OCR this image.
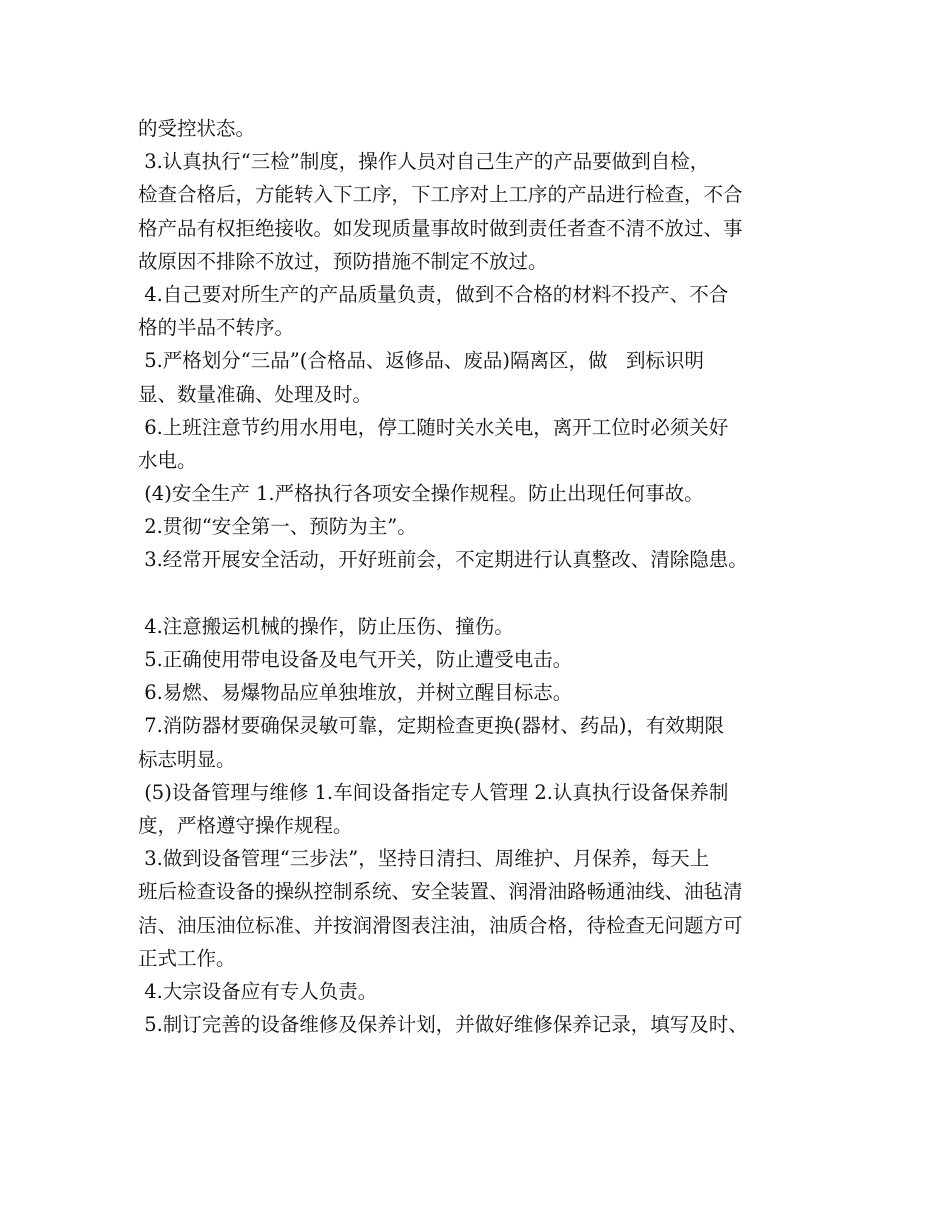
的受控状态。
3.认真执行“三检”制度，操作人员对自己生产的产品要做到自检，
检查合格后，方能转入下工序，下工序对上工序的产品进行检查，不合
格产品有权拒绝接收。如发现质量事故时做到责任者查不清不放过、事
故原因不排除不放过，预防措施不制定不放过。
4.自己要对所生产的产品质量负责，做到不合格的材料不投产、不合
格的半品不转序。
5.严格划分“三品”(合格品、返修品、废品)隔离区，做   到标识明
显、数量准确、处理及时。
6.上班注意节约用水用电，停工随时关水关电，离开工位时必须关好
水电。
(4)安全生产 1.严格执行各项安全操作规程。防止出现任何事故。
2.贯彻“安全第一、预防为主”。
3.经常开展安全活动，开好班前会，不定期进行认真整改、清除隐患。
4.注意搬运机械的操作，防止压伤、撞伤。
5.正确使用带电设备及电气开关，防止遭受电击。
6.易燃、易爆物品应单独堆放，并树立醒目标志。
7.消防器材要确保灵敏可靠，定期检查更换(器材、药品)，有效期限
标志明显。
(5)设备管理与维修 1.车间设备指定专人管理 2.认真执行设备保养制
度，严格遵守操作规程。
3.做到设备管理“三步法”，坚持日清扫、周维护、月保养，每天上
班后检查设备的操纵控制系统、安全装置、润滑油路畅通油线、油毡清
洁、油压油位标准、并按润滑图表注油，油质合格，待检查无问题方可
正式工作。
4.大宗设备应有专人负责。
5.制订完善的设备维修及保养计划，并做好维修保养记录，填写及时、
